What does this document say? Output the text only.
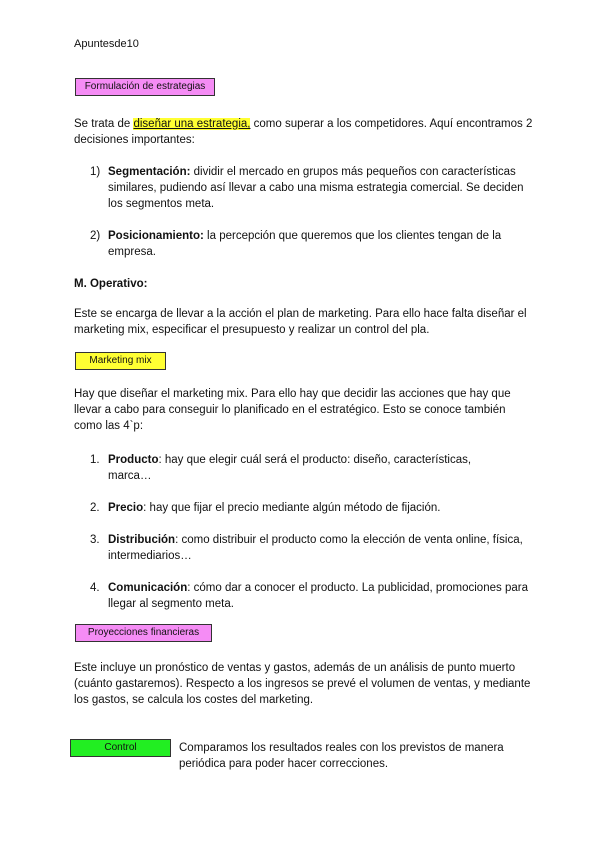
Apuntesde10
Formulación de estrategias
Se trata de diseñar una estrategia, como superar a los competidores. Aquí encontramos 2 decisiones importantes:
1) Segmentación: dividir el mercado en grupos más pequeños con características similares, pudiendo así llevar a cabo una misma estrategia comercial. Se deciden los segmentos meta.
2) Posicionamiento: la percepción que queremos que los clientes tengan de la empresa.
M. Operativo:
Este se encarga de llevar a la acción el plan de marketing. Para ello hace falta diseñar el marketing mix, especificar el presupuesto y realizar un control del pla.
Marketing mix
Hay que diseñar el marketing mix. Para ello hay que decidir las acciones que hay que llevar a cabo para conseguir lo planificado en el estratégico. Esto se conoce también como las 4`p:
1. Producto: hay que elegir cuál será el producto: diseño, características, marca…
2. Precio: hay que fijar el precio mediante algún método de fijación.
3. Distribución: como distribuir el producto como la elección de venta online, física, intermediarios…
4. Comunicación: cómo dar a conocer el producto. La publicidad, promociones para llegar al segmento meta.
Proyecciones financieras
Este incluye un pronóstico de ventas y gastos, además de un análisis de punto muerto (cuánto gastaremos). Respecto a los ingresos se prevé el volumen de ventas, y mediante los gastos, se calcula los costes del marketing.
Control	Comparamos los resultados reales con los previstos de manera periódica para poder hacer correcciones.
